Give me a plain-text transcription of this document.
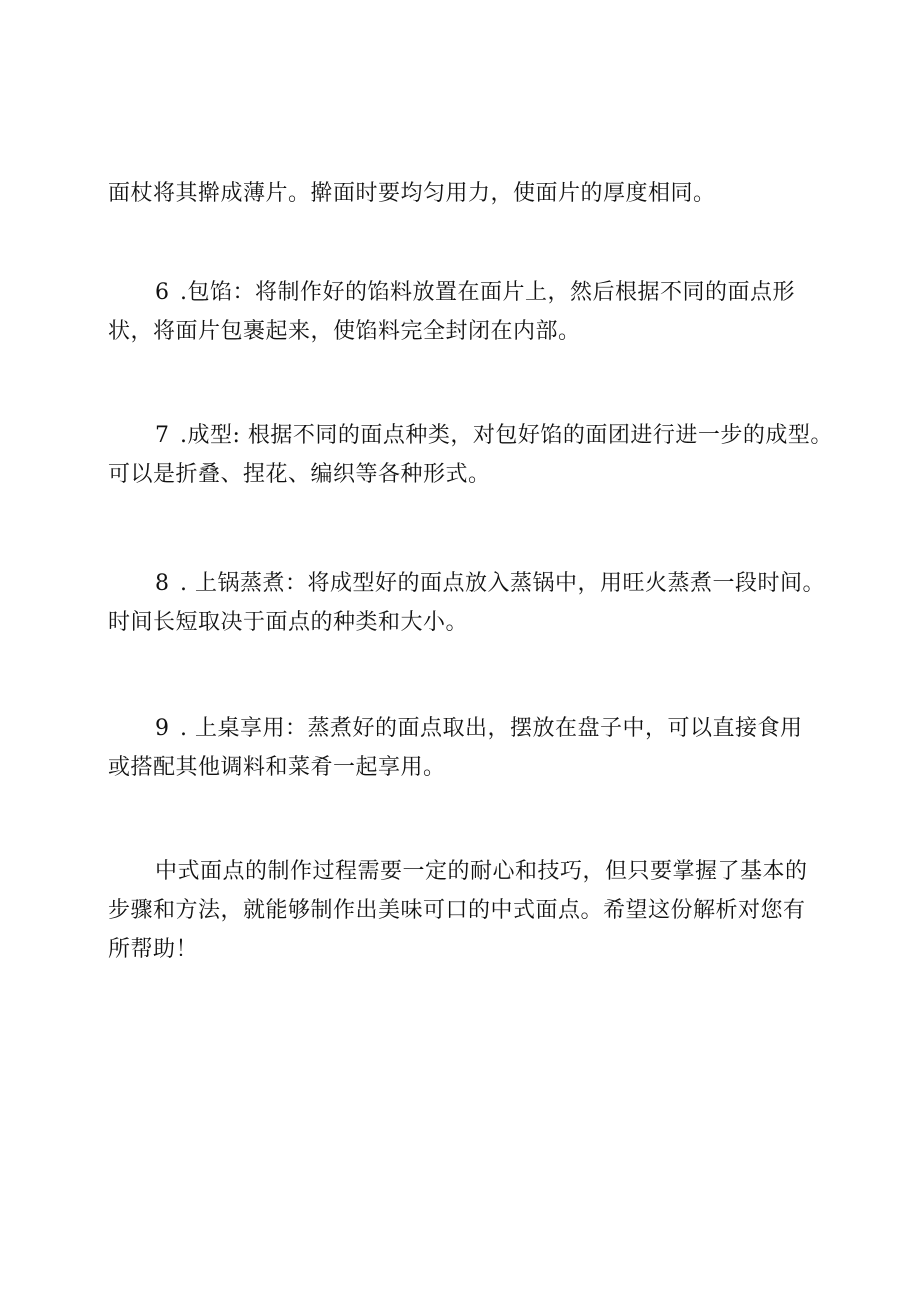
面杖将其擀成薄片。擀面时要均匀用力，使面片的厚度相同。

6 .包馅：将制作好的馅料放置在面片上，然后根据不同的面点形
状，将面片包裹起来，使馅料完全封闭在内部。

7 .成型: 根据不同的面点种类，对包好馅的面团进行进一步的成型。
可以是折叠、捏花、编织等各种形式。

8 . 上锅蒸煮：将成型好的面点放入蒸锅中，用旺火蒸煮一段时间。
时间长短取决于面点的种类和大小。

9 . 上桌享用：蒸煮好的面点取出，摆放在盘子中，可以直接食用
或搭配其他调料和菜肴一起享用。

中式面点的制作过程需要一定的耐心和技巧，但只要掌握了基本的
步骤和方法，就能够制作出美味可口的中式面点。希望这份解析对您有
所帮助！
